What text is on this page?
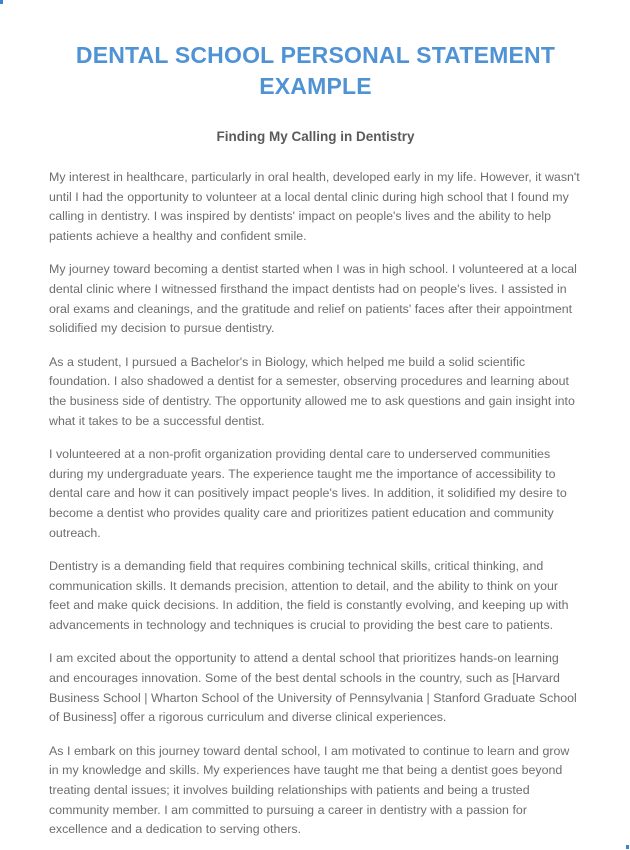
DENTAL SCHOOL PERSONAL STATEMENT EXAMPLE
Finding My Calling in Dentistry

My interest in healthcare, particularly in oral health, developed early in my life. However, it wasn't until I had the opportunity to volunteer at a local dental clinic during high school that I found my calling in dentistry. I was inspired by dentists' impact on people's lives and the ability to help patients achieve a healthy and confident smile.

My journey toward becoming a dentist started when I was in high school. I volunteered at a local dental clinic where I witnessed firsthand the impact dentists had on people's lives. I assisted in oral exams and cleanings, and the gratitude and relief on patients' faces after their appointment solidified my decision to pursue dentistry.

As a student, I pursued a Bachelor's in Biology, which helped me build a solid scientific foundation. I also shadowed a dentist for a semester, observing procedures and learning about the business side of dentistry. The opportunity allowed me to ask questions and gain insight into what it takes to be a successful dentist.

I volunteered at a non-profit organization providing dental care to underserved communities during my undergraduate years. The experience taught me the importance of accessibility to dental care and how it can positively impact people's lives. In addition, it solidified my desire to become a dentist who provides quality care and prioritizes patient education and community outreach.

Dentistry is a demanding field that requires combining technical skills, critical thinking, and communication skills. It demands precision, attention to detail, and the ability to think on your feet and make quick decisions. In addition, the field is constantly evolving, and keeping up with advancements in technology and techniques is crucial to providing the best care to patients.

I am excited about the opportunity to attend a dental school that prioritizes hands-on learning and encourages innovation. Some of the best dental schools in the country, such as [Harvard Business School | Wharton School of the University of Pennsylvania | Stanford Graduate School of Business] offer a rigorous curriculum and diverse clinical experiences.

As I embark on this journey toward dental school, I am motivated to continue to learn and grow in my knowledge and skills. My experiences have taught me that being a dentist goes beyond treating dental issues; it involves building relationships with patients and being a trusted community member. I am committed to pursuing a career in dentistry with a passion for excellence and a dedication to serving others.
